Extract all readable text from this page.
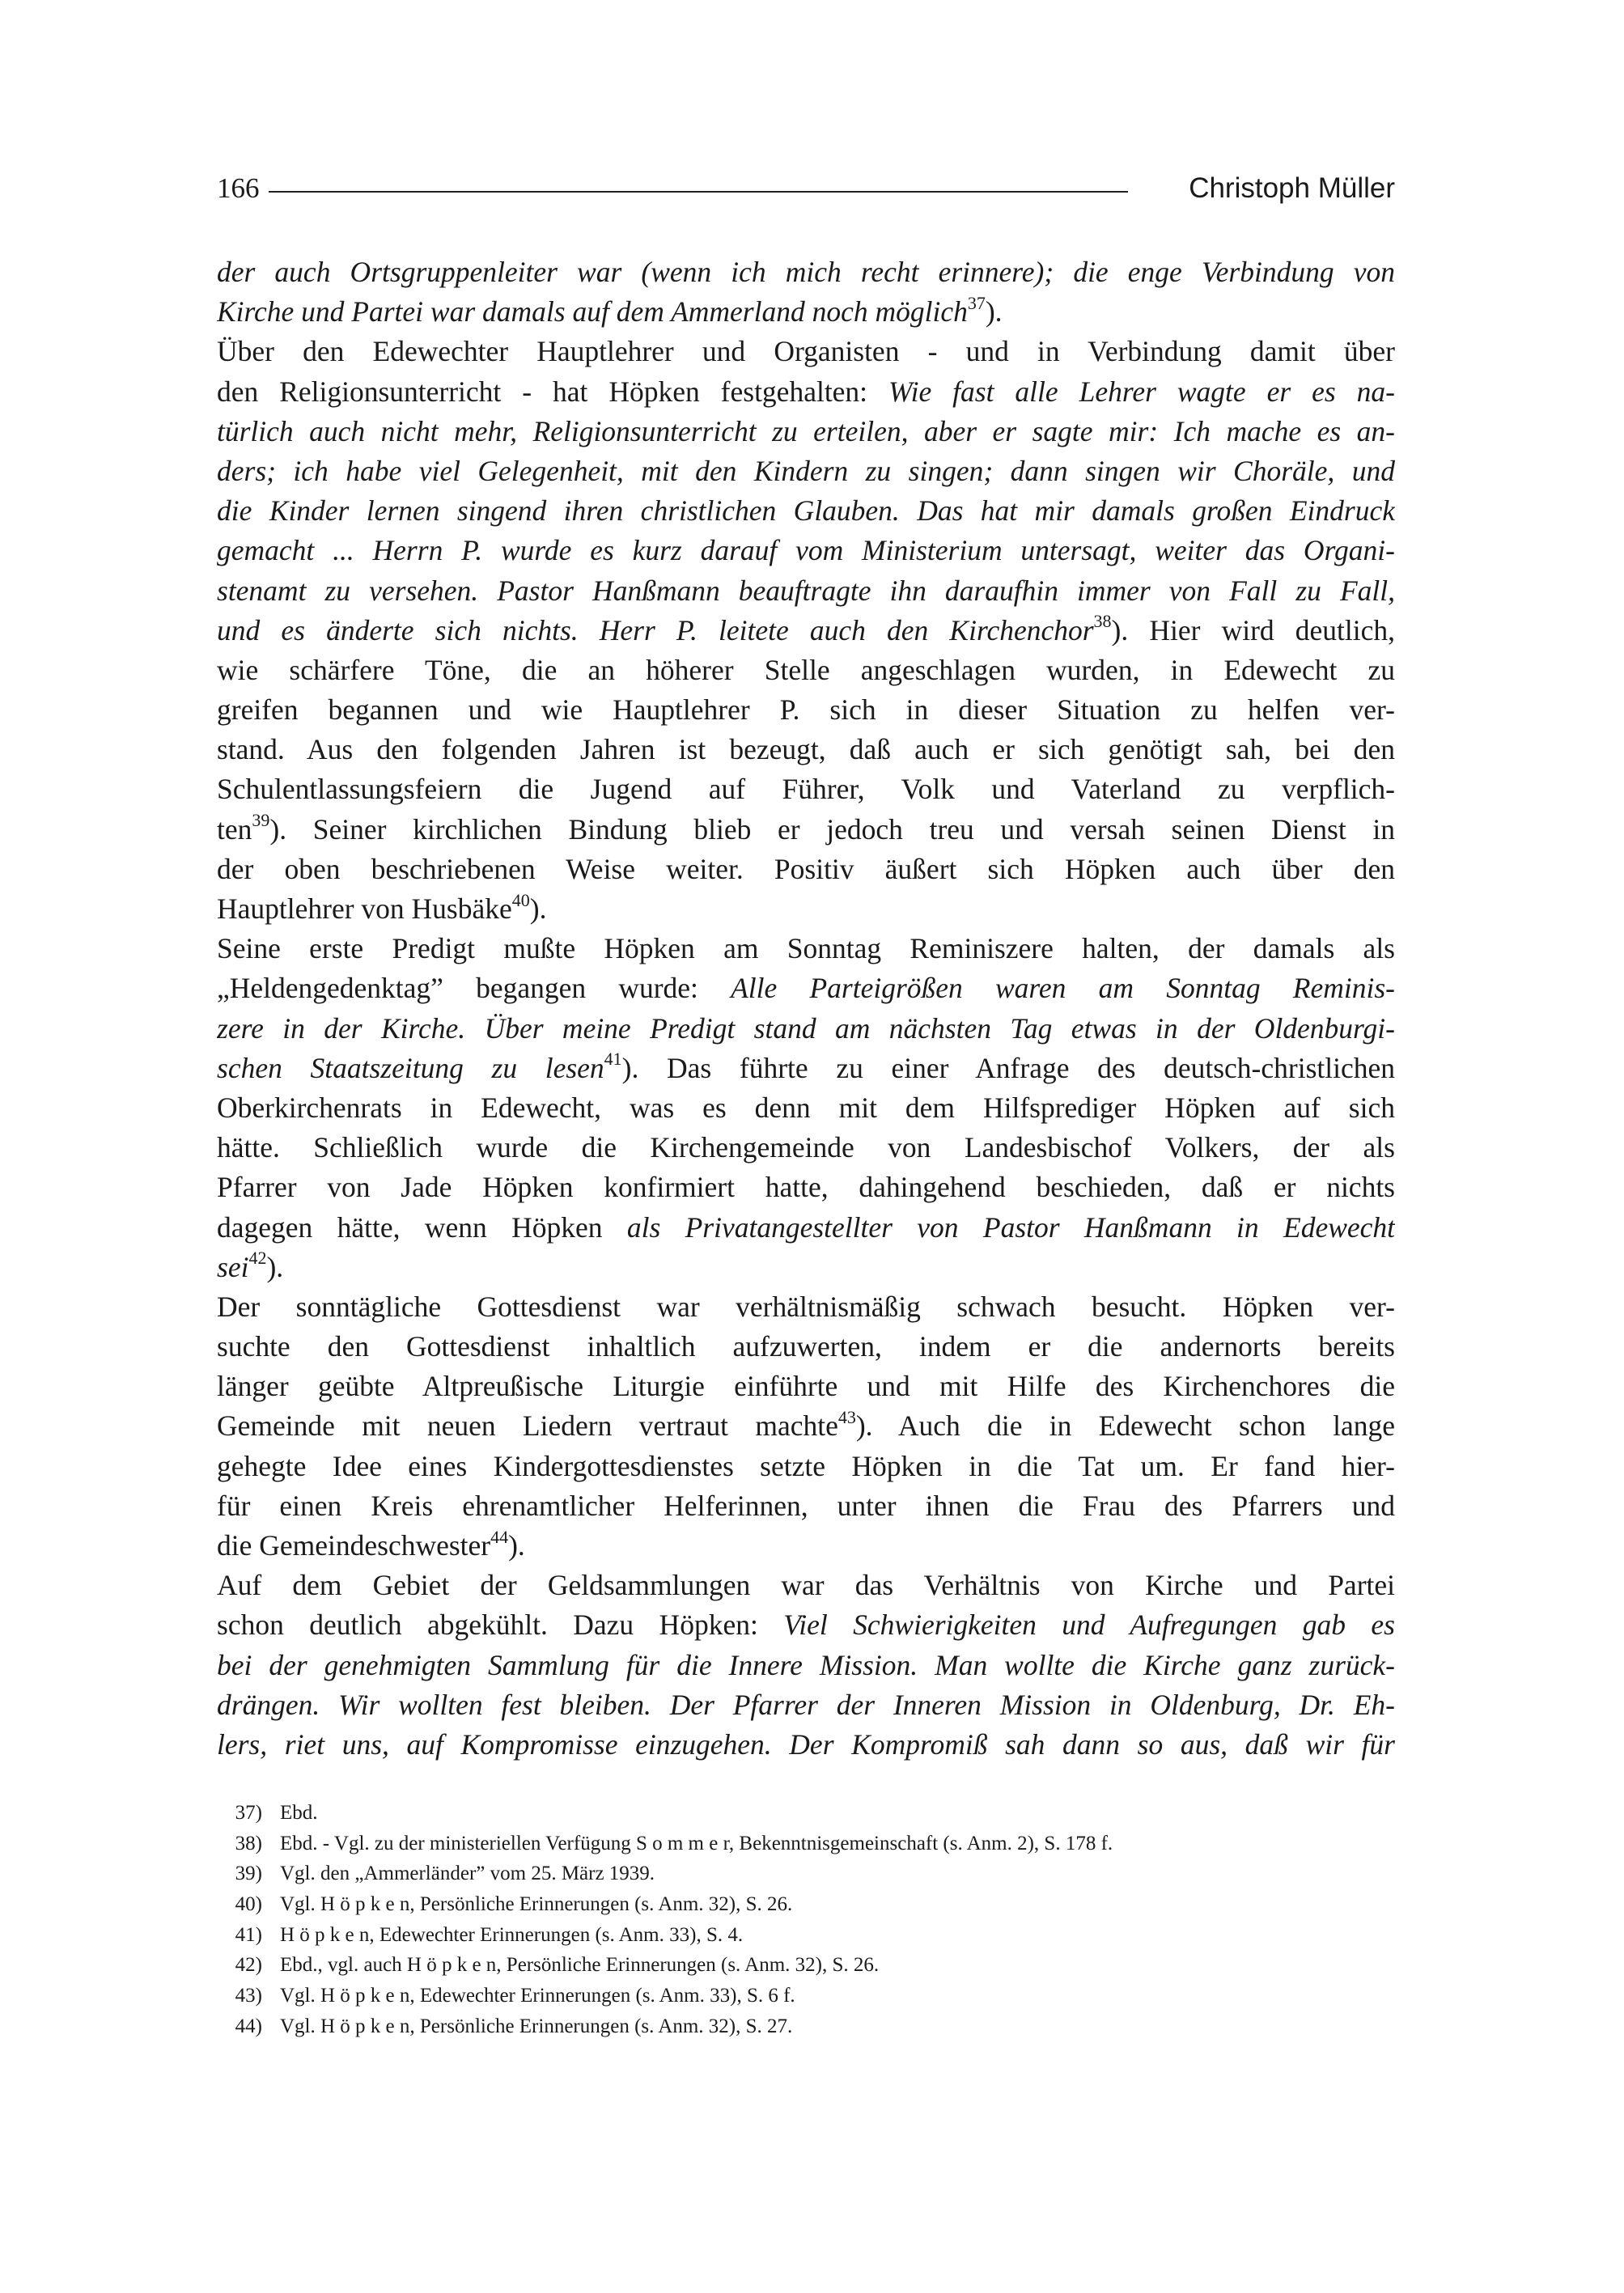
166	Christoph Müller
der auch Ortsgruppenleiter war (wenn ich mich recht erinnere); die enge Verbindung von
Kirche und Partei war damals auf dem Ammerland noch möglich$^{37}$).
Über den Edewechter Hauptlehrer und Organisten - und in Verbindung damit über
den Religionsunterricht - hat Höpken festgehalten: Wie fast alle Lehrer wagte er es na-
türlich auch nicht mehr, Religionsunterricht zu erteilen, aber er sagte mir: Ich mache es an-
ders; ich habe viel Gelegenheit, mit den Kindern zu singen; dann singen wir Choräle, und
die Kinder lernen singend ihren christlichen Glauben. Das hat mir damals großen Eindruck
gemacht ... Herrn P. wurde es kurz darauf vom Ministerium untersagt, weiter das Organi-
stenamt zu versehen. Pastor Hanßmann beauftragte ihn daraufhin immer von Fall zu Fall,
und es änderte sich nichts. Herr P. leitete auch den Kirchenchor$^{38}$). Hier wird deutlich,
wie schärfere Töne, die an höherer Stelle angeschlagen wurden, in Edewecht zu
greifen begannen und wie Hauptlehrer P. sich in dieser Situation zu helfen ver-
stand. Aus den folgenden Jahren ist bezeugt, daß auch er sich genötigt sah, bei den
Schulentlassungsfeiern die Jugend auf Führer, Volk und Vaterland zu verpflich-
ten$^{39}$). Seiner kirchlichen Bindung blieb er jedoch treu und versah seinen Dienst in
der oben beschriebenen Weise weiter. Positiv äußert sich Höpken auch über den
Hauptlehrer von Husbäke$^{40}$).
Seine erste Predigt mußte Höpken am Sonntag Reminiszere halten, der damals als
„Heldengedenktag” begangen wurde: Alle Parteigrößen waren am Sonntag Reminis-
zere in der Kirche. Über meine Predigt stand am nächsten Tag etwas in der Oldenburgi-
schen Staatszeitung zu lesen$^{41}$). Das führte zu einer Anfrage des deutsch-christlichen
Oberkirchenrats in Edewecht, was es denn mit dem Hilfsprediger Höpken auf sich
hätte. Schließlich wurde die Kirchengemeinde von Landesbischof Volkers, der als
Pfarrer von Jade Höpken konfirmiert hatte, dahingehend beschieden, daß er nichts
dagegen hätte, wenn Höpken als Privatangestellter von Pastor Hanßmann in Edewecht
sei$^{42}$).
Der sonntägliche Gottesdienst war verhältnismäßig schwach besucht. Höpken ver-
suchte den Gottesdienst inhaltlich aufzuwerten, indem er die andernorts bereits
länger geübte Altpreußische Liturgie einführte und mit Hilfe des Kirchenchores die
Gemeinde mit neuen Liedern vertraut machte$^{43}$). Auch die in Edewecht schon lange
gehegte Idee eines Kindergottesdienstes setzte Höpken in die Tat um. Er fand hier-
für einen Kreis ehrenamtlicher Helferinnen, unter ihnen die Frau des Pfarrers und
die Gemeindeschwester$^{44}$).
Auf dem Gebiet der Geldsammlungen war das Verhältnis von Kirche und Partei
schon deutlich abgekühlt. Dazu Höpken: Viel Schwierigkeiten und Aufregungen gab es
bei der genehmigten Sammlung für die Innere Mission. Man wollte die Kirche ganz zurück-
drängen. Wir wollten fest bleiben. Der Pfarrer der Inneren Mission in Oldenburg, Dr. Eh-
lers, riet uns, auf Kompromisse einzugehen. Der Kompromiß sah dann so aus, daß wir für
37) Ebd.
38) Ebd. - Vgl. zu der ministeriellen Verfügung S o m m e r, Bekenntnisgemeinschaft (s. Anm. 2), S. 178 f.
39) Vgl. den „Ammerländer” vom 25. März 1939.
40) Vgl. H ö p k e n, Persönliche Erinnerungen (s. Anm. 32), S. 26.
41) H ö p k e n, Edewechter Erinnerungen (s. Anm. 33), S. 4.
42) Ebd., vgl. auch H ö p k e n, Persönliche Erinnerungen (s. Anm. 32), S. 26.
43) Vgl. H ö p k e n, Edewechter Erinnerungen (s. Anm. 33), S. 6 f.
44) Vgl. H ö p k e n, Persönliche Erinnerungen (s. Anm. 32), S. 27.
